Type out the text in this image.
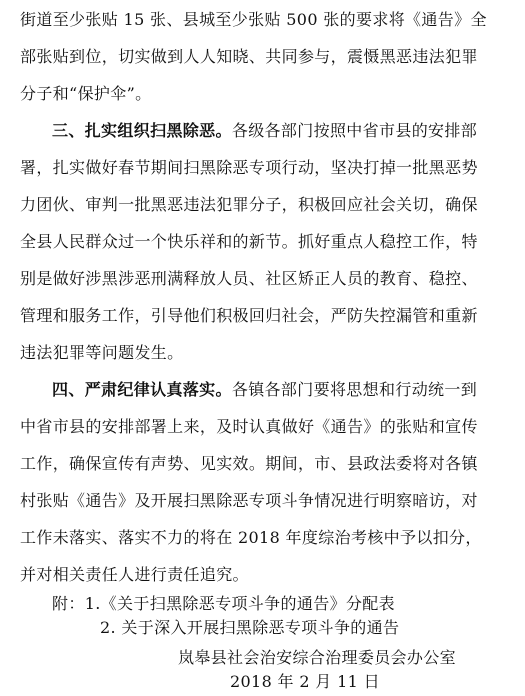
街道至少张贴 15 张、县城至少张贴 500 张的要求将《通告》全
部张贴到位，切实做到人人知晓、共同参与，震慑黑恶违法犯罪
分子和“保护伞”。
三、扎实组织扫黑除恶。各级各部门按照中省市县的安排部
署，扎实做好春节期间扫黑除恶专项行动，坚决打掉一批黑恶势
力团伙、审判一批黑恶违法犯罪分子，积极回应社会关切，确保
全县人民群众过一个快乐祥和的新节。抓好重点人稳控工作，特
别是做好涉黑涉恶刑满释放人员、社区矫正人员的教育、稳控、
管理和服务工作，引导他们积极回归社会，严防失控漏管和重新
违法犯罪等问题发生。
四、严肃纪律认真落实。各镇各部门要将思想和行动统一到
中省市县的安排部署上来，及时认真做好《通告》的张贴和宣传
工作，确保宣传有声势、见实效。期间，市、县政法委将对各镇
村张贴《通告》及开展扫黑除恶专项斗争情况进行明察暗访，对
工作未落实、落实不力的将在 2018 年度综治考核中予以扣分，
并对相关责任人进行责任追究。
附：1.《关于扫黑除恶专项斗争的通告》分配表
2. 关于深入开展扫黑除恶专项斗争的通告
岚皋县社会治安综合治理委员会办公室
2018 年 2 月 11 日
